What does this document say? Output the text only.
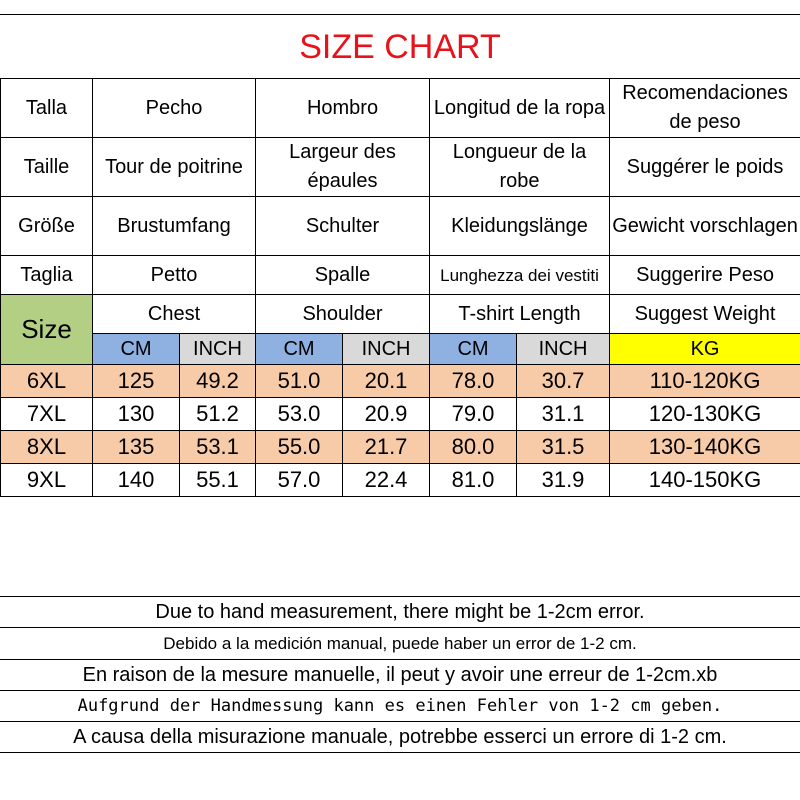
SIZE CHART
Talla	Pecho		Hombro		Longitud de la ropa		Recomendaciones de peso
Taille	Tour de poitrine		Largeur des épaules		Longueur de la robe		Suggérer le poids
Größe	Brustumfang		Schulter		Kleidungslänge		Gewicht vorschlagen
Taglia	Petto		Spalle		Lunghezza dei vestiti		Suggerire Peso
Size	Chest		Shoulder		T-shirt Length		Suggest Weight
	CM	INCH	CM	INCH	CM	INCH	KG
6XL	125	49.2	51.0	20.1	78.0	30.7	110-120KG
7XL	130	51.2	53.0	20.9	79.0	31.1	120-130KG
8XL	135	53.1	55.0	21.7	80.0	31.5	130-140KG
9XL	140	55.1	57.0	22.4	81.0	31.9	140-150KG
Due to hand measurement, there might be 1-2cm error.
Debido a la medición manual, puede haber un error de 1-2 cm.
En raison de la mesure manuelle, il peut y avoir une erreur de 1-2cm.xb
Aufgrund der Handmessung kann es einen Fehler von 1-2 cm geben.
A causa della misurazione manuale, potrebbe esserci un errore di 1-2 cm.
